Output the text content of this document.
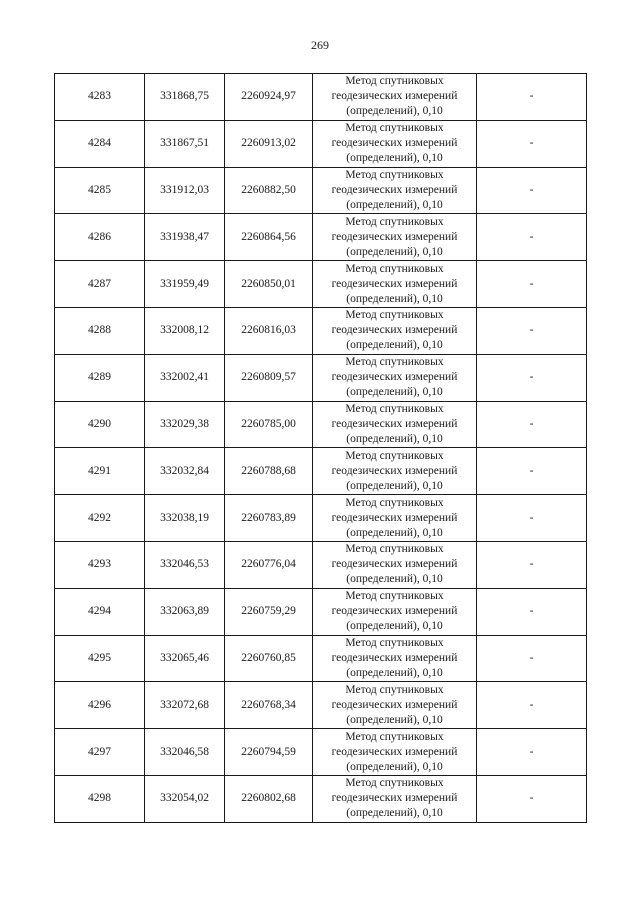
269
4283	331868,75	2260924,97	Метод спутниковых
геодезических измерений
(определений), 0,10	-
4284	331867,51	2260913,02	Метод спутниковых
геодезических измерений
(определений), 0,10	-
4285	331912,03	2260882,50	Метод спутниковых
геодезических измерений
(определений), 0,10	-
4286	331938,47	2260864,56	Метод спутниковых
геодезических измерений
(определений), 0,10	-
4287	331959,49	2260850,01	Метод спутниковых
геодезических измерений
(определений), 0,10	-
4288	332008,12	2260816,03	Метод спутниковых
геодезических измерений
(определений), 0,10	-
4289	332002,41	2260809,57	Метод спутниковых
геодезических измерений
(определений), 0,10	-
4290	332029,38	2260785,00	Метод спутниковых
геодезических измерений
(определений), 0,10	-
4291	332032,84	2260788,68	Метод спутниковых
геодезических измерений
(определений), 0,10	-
4292	332038,19	2260783,89	Метод спутниковых
геодезических измерений
(определений), 0,10	-
4293	332046,53	2260776,04	Метод спутниковых
геодезических измерений
(определений), 0,10	-
4294	332063,89	2260759,29	Метод спутниковых
геодезических измерений
(определений), 0,10	-
4295	332065,46	2260760,85	Метод спутниковых
геодезических измерений
(определений), 0,10	-
4296	332072,68	2260768,34	Метод спутниковых
геодезических измерений
(определений), 0,10	-
4297	332046,58	2260794,59	Метод спутниковых
геодезических измерений
(определений), 0,10	-
4298	332054,02	2260802,68	Метод спутниковых
геодезических измерений
(определений), 0,10	-
